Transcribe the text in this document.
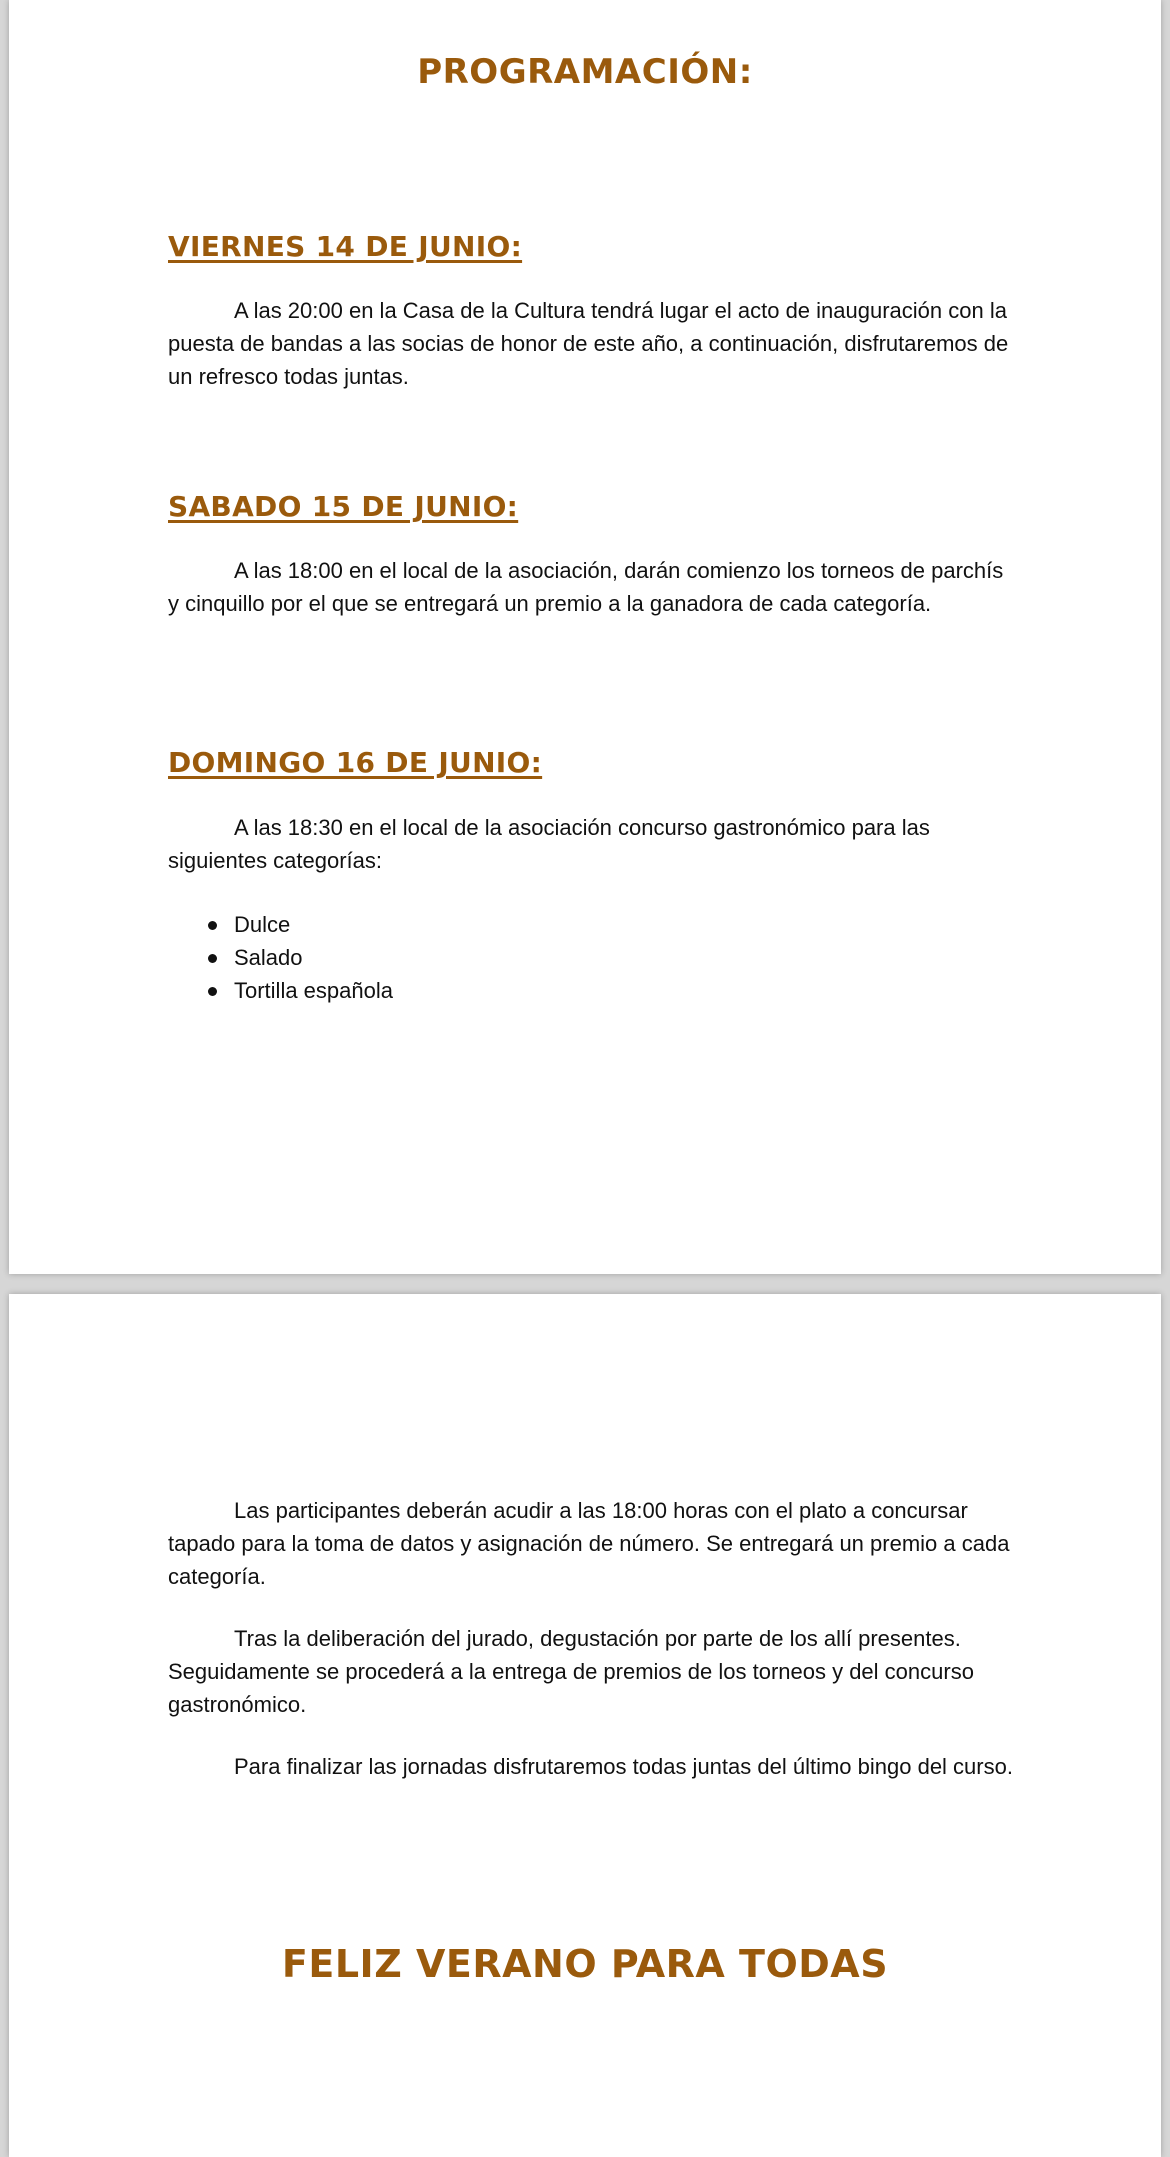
PROGRAMACIÓN:
VIERNES 14 DE JUNIO:

A las 20:00 en la Casa de la Cultura tendrá lugar el acto de inauguración con la puesta de bandas a las socias de honor de este año, a continuación, disfrutaremos de un refresco todas juntas.

SABADO 15 DE JUNIO:

A las 18:00 en el local de la asociación, darán comienzo los torneos de parchís y cinquillo por el que se entregará un premio a la ganadora de cada categoría.

DOMINGO 16 DE JUNIO:

A las 18:30 en el local de la asociación concurso gastronómico para las siguientes categorías:

Dulce
Salado
Tortilla española

Las participantes deberán acudir a las 18:00 horas con el plato a concursar tapado para la toma de datos y asignación de número. Se entregará un premio a cada categoría.

Tras la deliberación del jurado, degustación por parte de los allí presentes. Seguidamente se procederá a la entrega de premios de los torneos y del concurso gastronómico.

Para finalizar las jornadas disfrutaremos todas juntas del último bingo del curso.

FELIZ VERANO PARA TODAS
